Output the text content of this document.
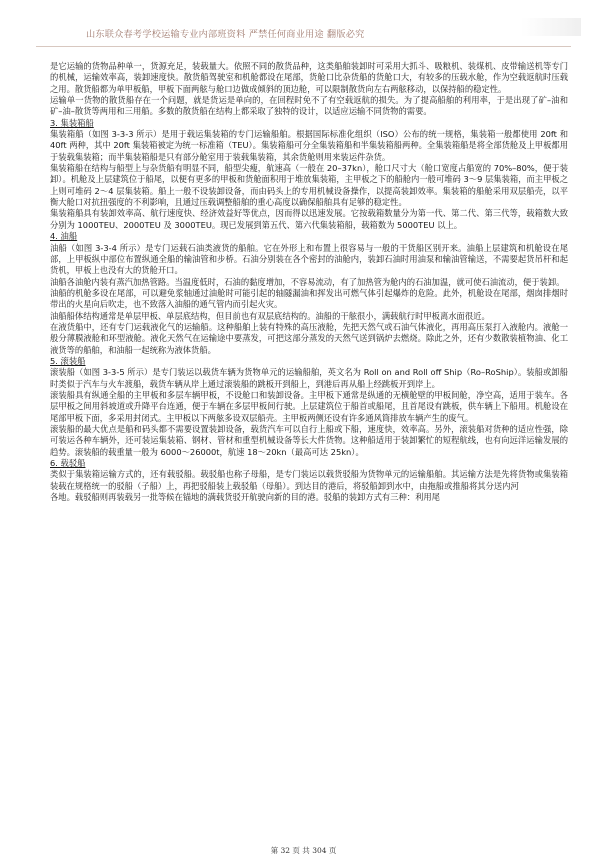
山东联众春考学校运输专业内部班资料 严禁任何商业用途 翻版必究

是它运输的货物品种单一，货源充足，装载量大。依照不同的散货品种，这类船舶装卸时可采用大抓斗、吸粮机、装煤机、皮带输送机等专门的机械，运输效率高，装卸速度快。散货船驾驶室和机舱都设在尾部，货舱口比杂货船的货舱口大，有较多的压载水舱，作为空载返航时压载之用。散货船都为单甲板船，甲板下面两舷与舱口边做成倾斜的顶边舱，可以限制散货向左右两舷移动，以保持船的稳定性。

运输单一货物的散货船存在一个问题，就是货运是单向的，在回程时免不了有空载返航的损失。为了提高船舶的利用率，于是出现了矿–油和矿–油–散货等两用和三用船。多数的散货船在结构上都采取了独特的设计，以适应运输不同货物的需要。

3. 集装箱船

集装箱船（如图 3-3-3 所示）是用于载运集装箱的专门运输船舶。根据国际标准化组织（ISO）公布的统一规格，集装箱一般都使用 20ft 和 40ft 两种，其中 20ft 集装箱被定为统一标准箱（TEU）。集装箱船可分全集装箱船和半集装箱船两种。全集装箱船是将全部货舱及上甲板都用于装载集装箱；而半集装箱船是只有部分舱室用于装载集装箱，其余货舱则用来装运件杂货。

集装箱船在结构与船型上与杂货船有明显不同，船型尖瘦，航速高（一般在 20–37kn），舱口尺寸大（舱口宽度占船宽的 70%–80%，便于装卸）。机舱及上层建筑位于船尾，以便有更多的甲板和货舱面积用于堆放集装箱，主甲板之下的船舱内一般可堆码 3～9 层集装箱，而主甲板之上则可堆码 2～4 层集装箱。船上一般不设装卸设备，而由码头上的专用机械设备操作，以提高装卸效率。集装箱的船舱采用双层船壳，以平衡大舱口对抗扭强度的不利影响，且通过压载调整船舶的重心高度以确保船舶具有足够的稳定性。

集装箱船具有装卸效率高、航行速度快、经济效益好等优点，因而得以迅速发展。它按载箱数量分为第一代、第二代、第三代等，载箱数大致分别为 1000TEU、2000TEU 及 3000TEU。现已发展到第五代、第六代集装箱船，载箱数为 5000TEU 以上。

4. 油船

油船（如图 3-3-4 所示）是专门运载石油类液货的船舶。它在外形上和布置上很容易与一般的干货船区别开来。油船上层建筑和机舱设在尾部，上甲板纵中部位布置纵通全船的输油管和步桥。石油分别装在各个密封的油舱内，装卸石油时用油泵和输油管输送，不需要起货吊杆和起货机，甲板上也没有大的货舱开口。

油船各油舱内装有蒸汽加热管路。当温度低时，石油的黏度增加，不容易流动，有了加热管为舱内的石油加温，就可使石油流动，便于装卸。

油船的机舱多设在尾部，可以避免浆轴通过油舱时可能引起的轴隧漏油和挥发出可燃气体引起爆炸的危险。此外，机舱设在尾部，烟囱排烟时带出的火星向后吹走，也不致落入油船的通气管内而引起火灾。

油船船体结构通常是单层甲板、单层底结构，但目前也有双层底结构的。油船的干舷很小，满载航行时甲板离水面很近。

在液货船中，还有专门运载液化气的运输船。这种船舶上装有特殊的高压液舱，先把天然气或石油气体液化，再用高压泵打入液舱内。液舱一般分薄膜液舱和环型液舱。液化天然气在运输途中要蒸发，可把这部分蒸发的天然气送到锅炉去燃烧。除此之外，还有少数散装植物油、化工液货等的船舶，和油船一起统称为液体货船。

5. 滚装船

滚装船（如图 3-3-5 所示）是专门装运以载货车辆为货物单元的运输船舶，英文名为 Roll on and Roll off Ship（Ro–RoShip）。装船或卸船时类似于汽车与火车渡船，载货车辆从岸上通过滚装船的跳板开到船上，到港后再从船上经跳板开到岸上。

滚装船具有纵通全船的主甲板和多层车辆甲板，不设舱口和装卸设备。主甲板下通常是纵通的无横舱壁的甲板间舱，净空高，适用于装车。各层甲板之间用斜坡道或升降平台连通，便于车辆在多层甲板间行驶。上层建筑位于船首或船尾，且首尾设有跳板，供车辆上下船用。机舱设在尾部甲板下面，多采用封闭式。主甲板以下两舷多设双层船壳。主甲板两侧还设有许多通风筒排放车辆产生的废气。

滚装船的最大优点是船和码头都不需要设置装卸设备，载货汽车可以自行上船或下船，速度快，效率高。另外，滚装船对货种的适应性强，除可装运各种车辆外，还可装运集装箱、钢材、管材和重型机械设备等长大件货物。这种船适用于装卸繁忙的短程航线，也有向远洋运输发展的趋势。滚装船的载重量一般为 6000～26000t，航速 18～20kn（最高可达 25kn）。

6. 载驳船

类似于集装箱运输方式的，还有载驳船。载驳船也称子母船，是专门装运以载货驳船为货物单元的运输船舶。其运输方法是先将货物或集装箱装载在规格统一的驳船（子船）上，再把驳船装上载驳船（母船）。到达目的港后，将驳船卸到水中，由拖船或推船将其分送内河

各地。载驳船则再装载另一批等候在锚地的满载货驳开航驶向新的目的港。驳船的装卸方式有三种：利用尾

第 32 页 共 304 页
